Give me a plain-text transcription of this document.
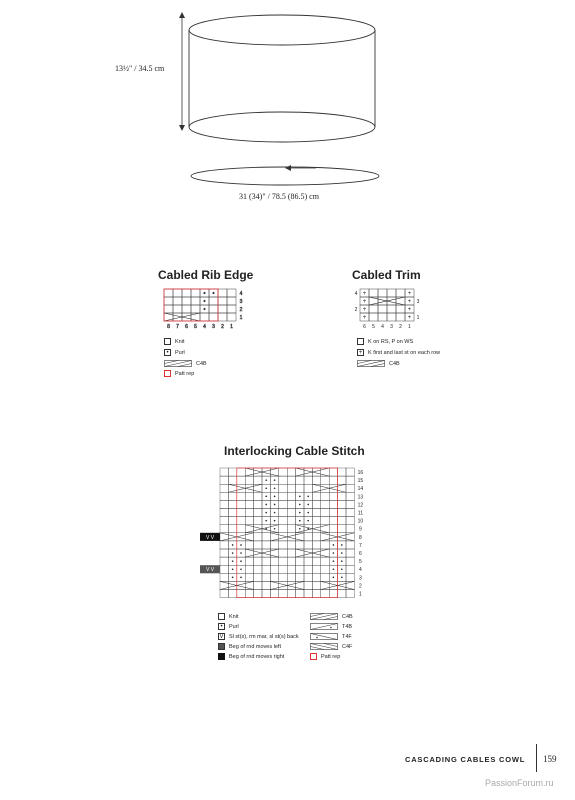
13½" / 34.5 cm
31 (34)" / 78.5 (86.5) cm
Cabled Rib Edge
4
3
2
1
8 7 6 5 4 3 2 1
Knit
•	Purl
C4B
Patt rep
Cabled Trim
+	+
+	+
+	+
+	+
4
2
3
1
6 5 4 3 2 1
K on RS, P on WS
+	K first and last st on each row
C4B
Interlocking Cable Stitch
V V
V V
16
15
14
13
12
11
10
9
8
7
6
5
4
3
2
1
Knit
•	Purl
V Sl st(s), rm mar, sl st(s) back
Beg of rnd moves left
Beg of rnd moves right
C4B
T4B
T4F
C4F
Patt rep
CASCADING CABLES COWL 159
PassionForum.ru
